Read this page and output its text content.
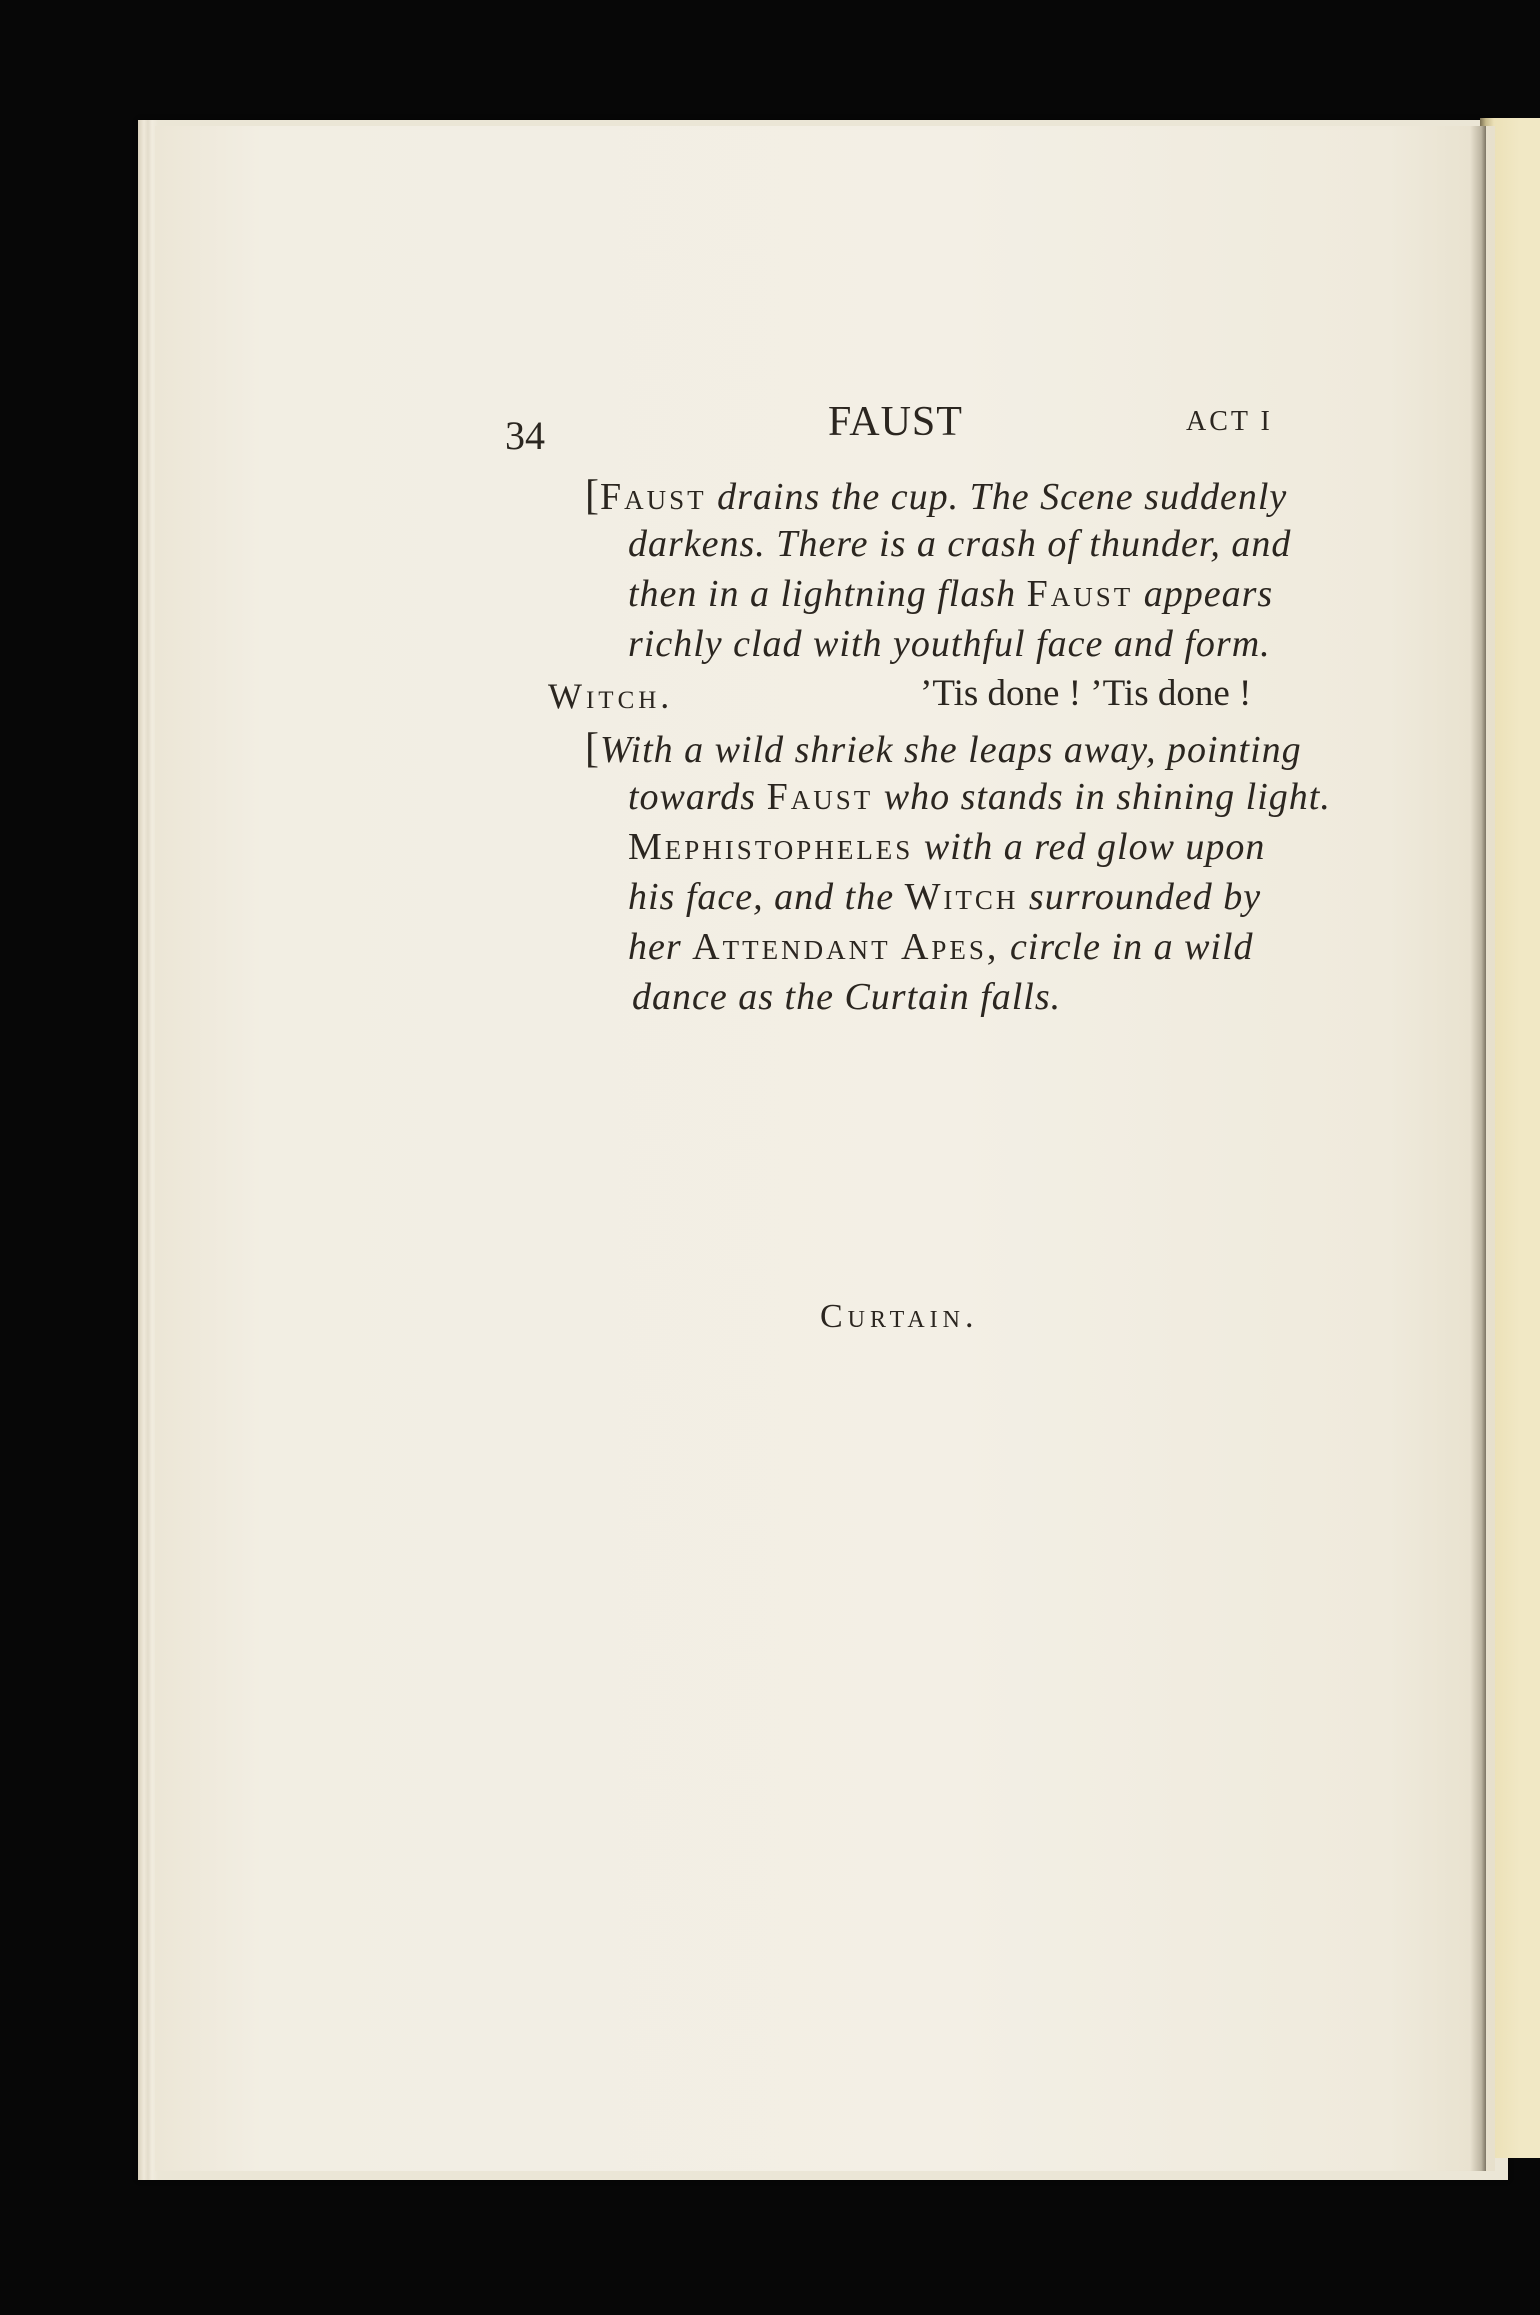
34	FAUST	ACT I
[Faust drains the cup. The Scene suddenly
darkens. There is a crash of thunder, and
then in a lightning flash Faust appears
richly clad with youthful face and form.
Witch.	’Tis done ! ’Tis done !
[With a wild shriek she leaps away, pointing
towards Faust who stands in shining light.
Mephistopheles with a red glow upon
his face, and the Witch surrounded by
her Attendant Apes, circle in a wild
dance as the Curtain falls.
Curtain.
